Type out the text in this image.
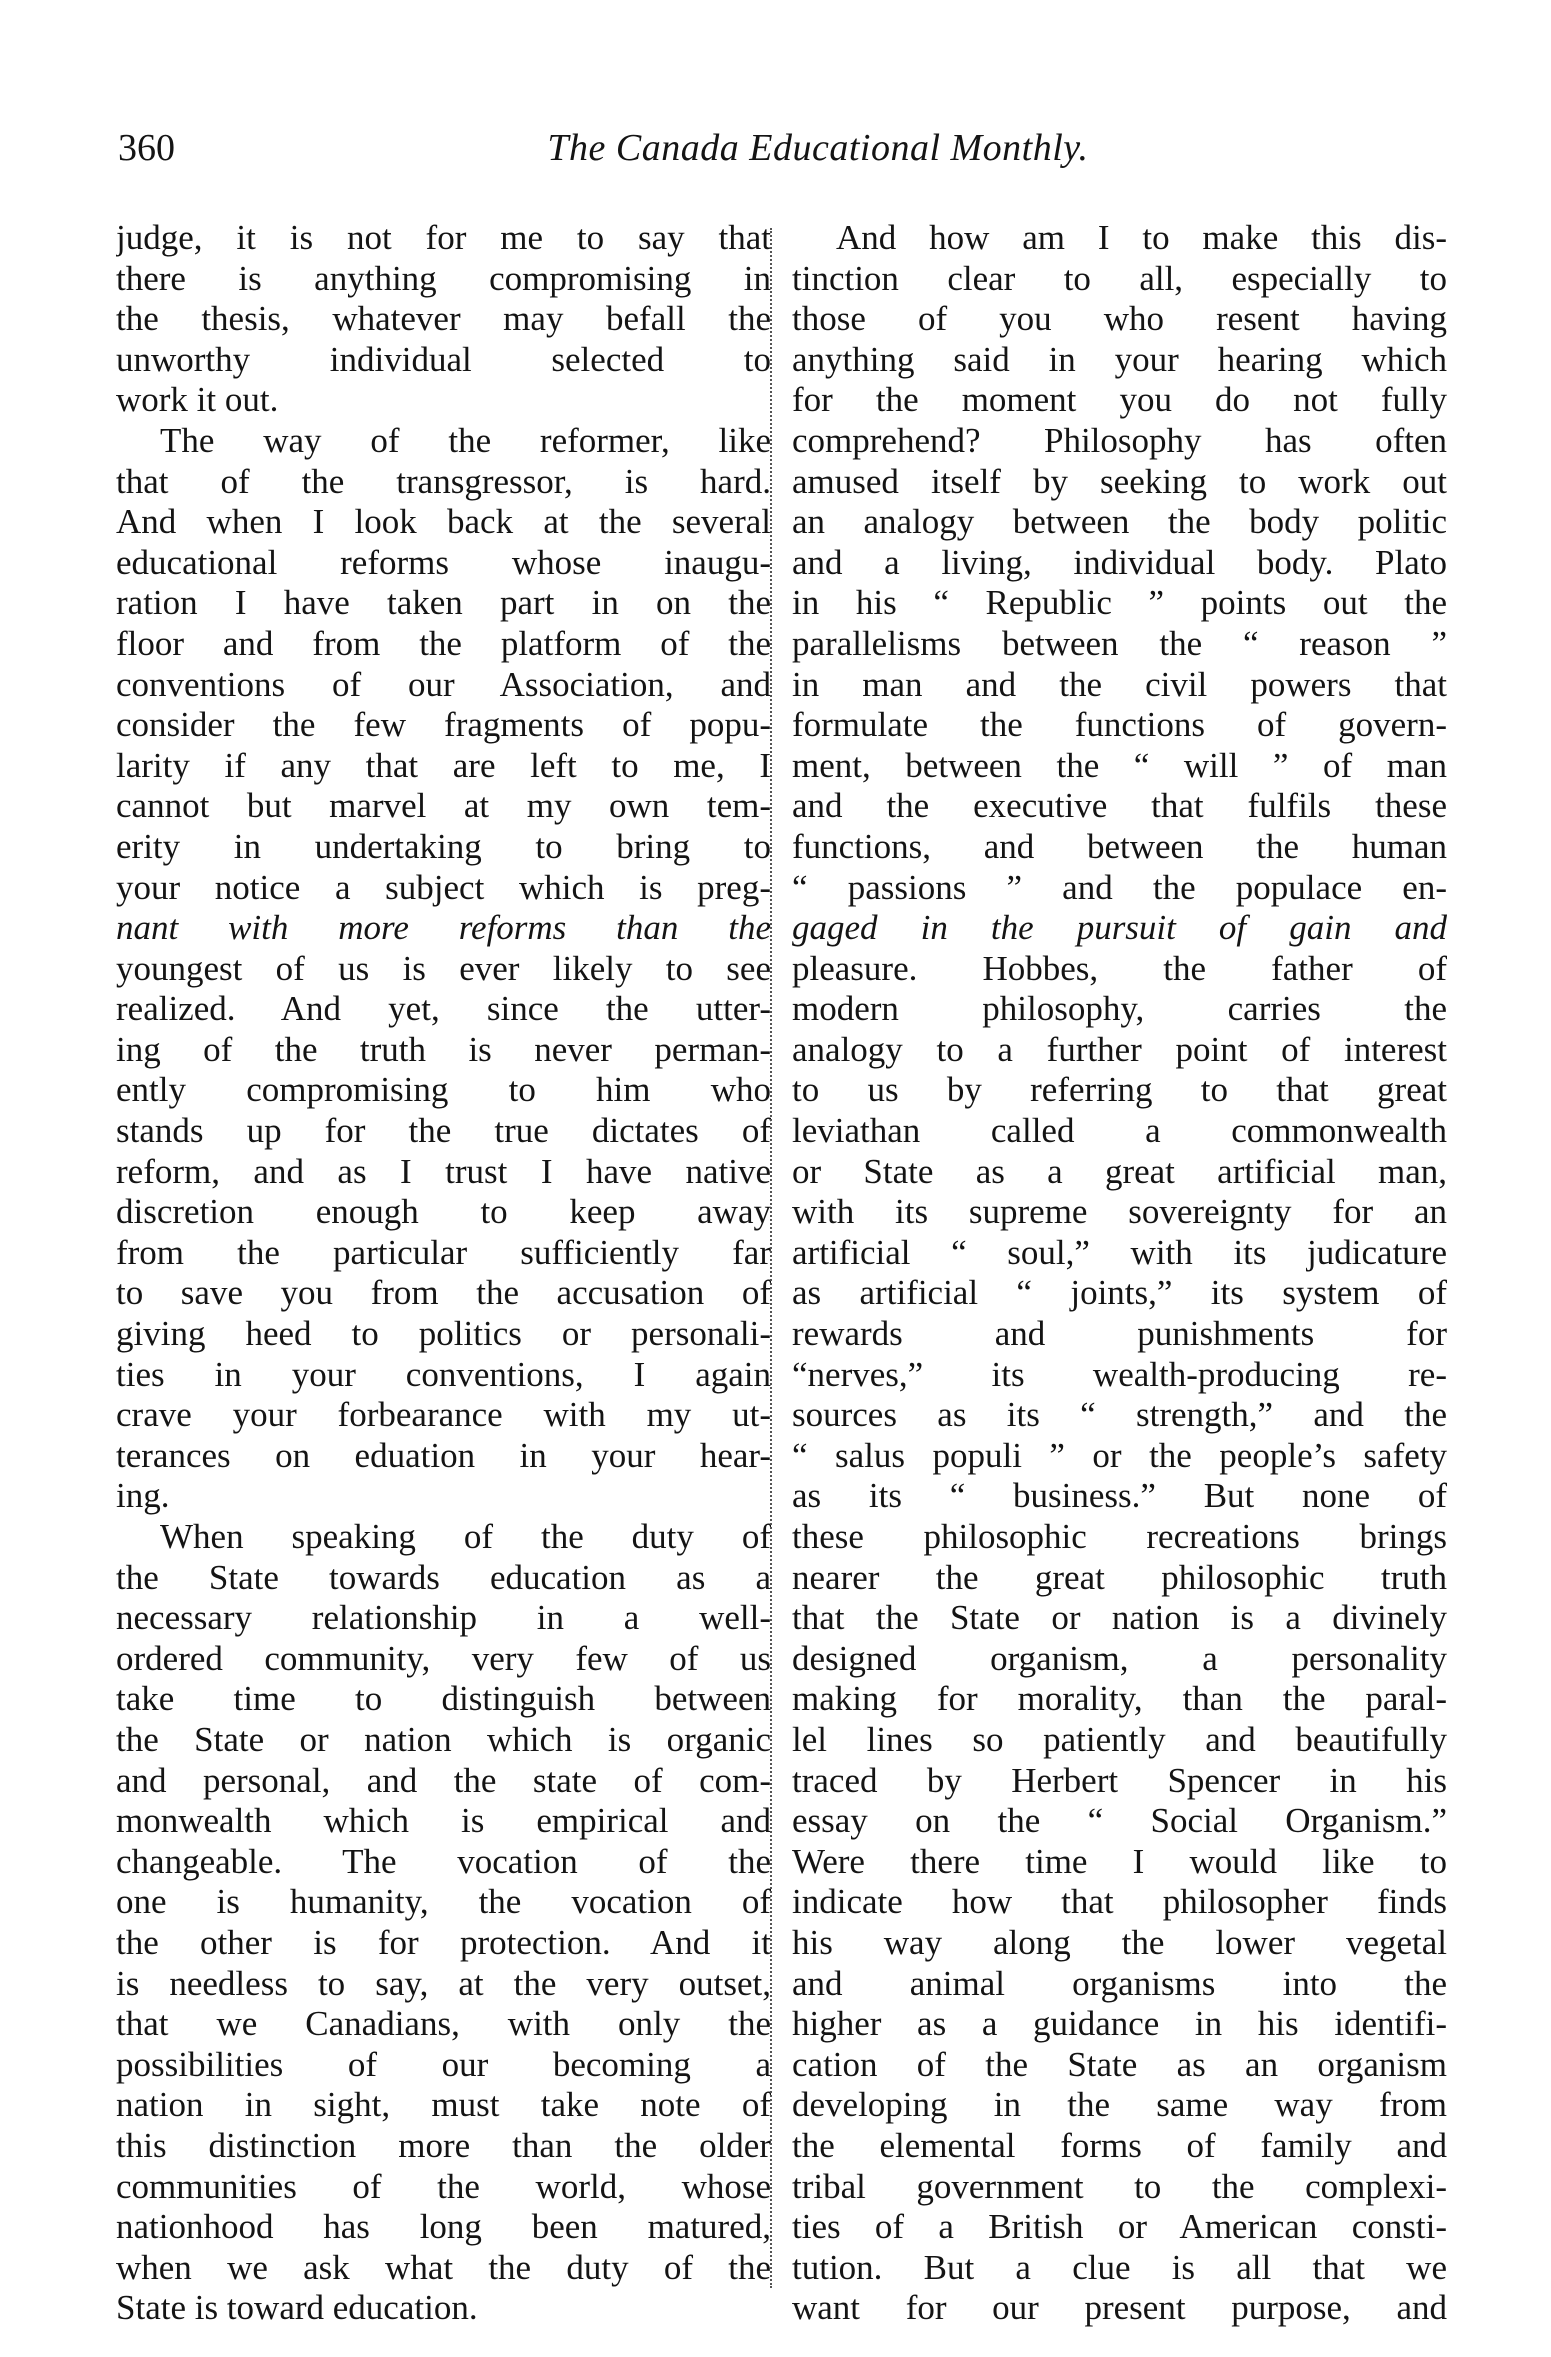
360	The Canada Educational Monthly.
judge, it is not for me to say that
there is anything compromising in
the thesis, whatever may befall the
unworthy individual selected to
work it out.
The way of the reformer, like
that of the transgressor, is hard.
And when I look back at the several
educational reforms whose inaugu-
ration I have taken part in on the
floor and from the platform of the
conventions of our Association, and
consider the few fragments of popu-
larity if any that are left to me, I
cannot but marvel at my own tem-
erity in undertaking to bring to
your notice a subject which is preg-
nant with more reforms than the
youngest of us is ever likely to see
realized. And yet, since the utter-
ing of the truth is never perman-
ently compromising to him who
stands up for the true dictates of
reform, and as I trust I have native
discretion enough to keep away
from the particular sufficiently far
to save you from the accusation of
giving heed to politics or personali-
ties in your conventions, I again
crave your forbearance with my ut-
terances on eduation in your hear-
ing.
When speaking of the duty of
the State towards education as a
necessary relationship in a well-
ordered community, very few of us
take time to distinguish between
the State or nation which is organic
and personal, and the state of com-
monwealth which is empirical and
changeable. The vocation of the
one is humanity, the vocation of
the other is for protection. And it
is needless to say, at the very outset,
that we Canadians, with only the
possibilities of our becoming a
nation in sight, must take note of
this distinction more than the older
communities of the world, whose
nationhood has long been matured,
when we ask what the duty of the
State is toward education.
And how am I to make this dis-
tinction clear to all, especially to
those of you who resent having
anything said in your hearing which
for the moment you do not fully
comprehend? Philosophy has often
amused itself by seeking to work out
an analogy between the body politic
and a living, individual body. Plato
in his “ Republic ” points out the
parallelisms between the “ reason ”
in man and the civil powers that
formulate the functions of govern-
ment, between the “ will ” of man
and the executive that fulfils these
functions, and between the human
“ passions ” and the populace en-
gaged in the pursuit of gain and
pleasure. Hobbes, the father of
modern philosophy, carries the
analogy to a further point of interest
to us by referring to that great
leviathan called a commonwealth
or State as a great artificial man,
with its supreme sovereignty for an
artificial “ soul,” with its judicature
as artificial “ joints,” its system of
rewards and punishments for
“nerves,” its wealth-producing re-
sources as its “ strength,” and the
“ salus populi ” or the people’s safety
as its “ business.” But none of
these philosophic recreations brings
nearer the great philosophic truth
that the State or nation is a divinely
designed organism, a personality
making for morality, than the paral-
lel lines so patiently and beautifully
traced by Herbert Spencer in his
essay on the “ Social Organism.”
Were there time I would like to
indicate how that philosopher finds
his way along the lower vegetal
and animal organisms into the
higher as a guidance in his identifi-
cation of the State as an organism
developing in the same way from
the elemental forms of family and
tribal government to the complexi-
ties of a British or American consti-
tution. But a clue is all that we
want for our present purpose, and
